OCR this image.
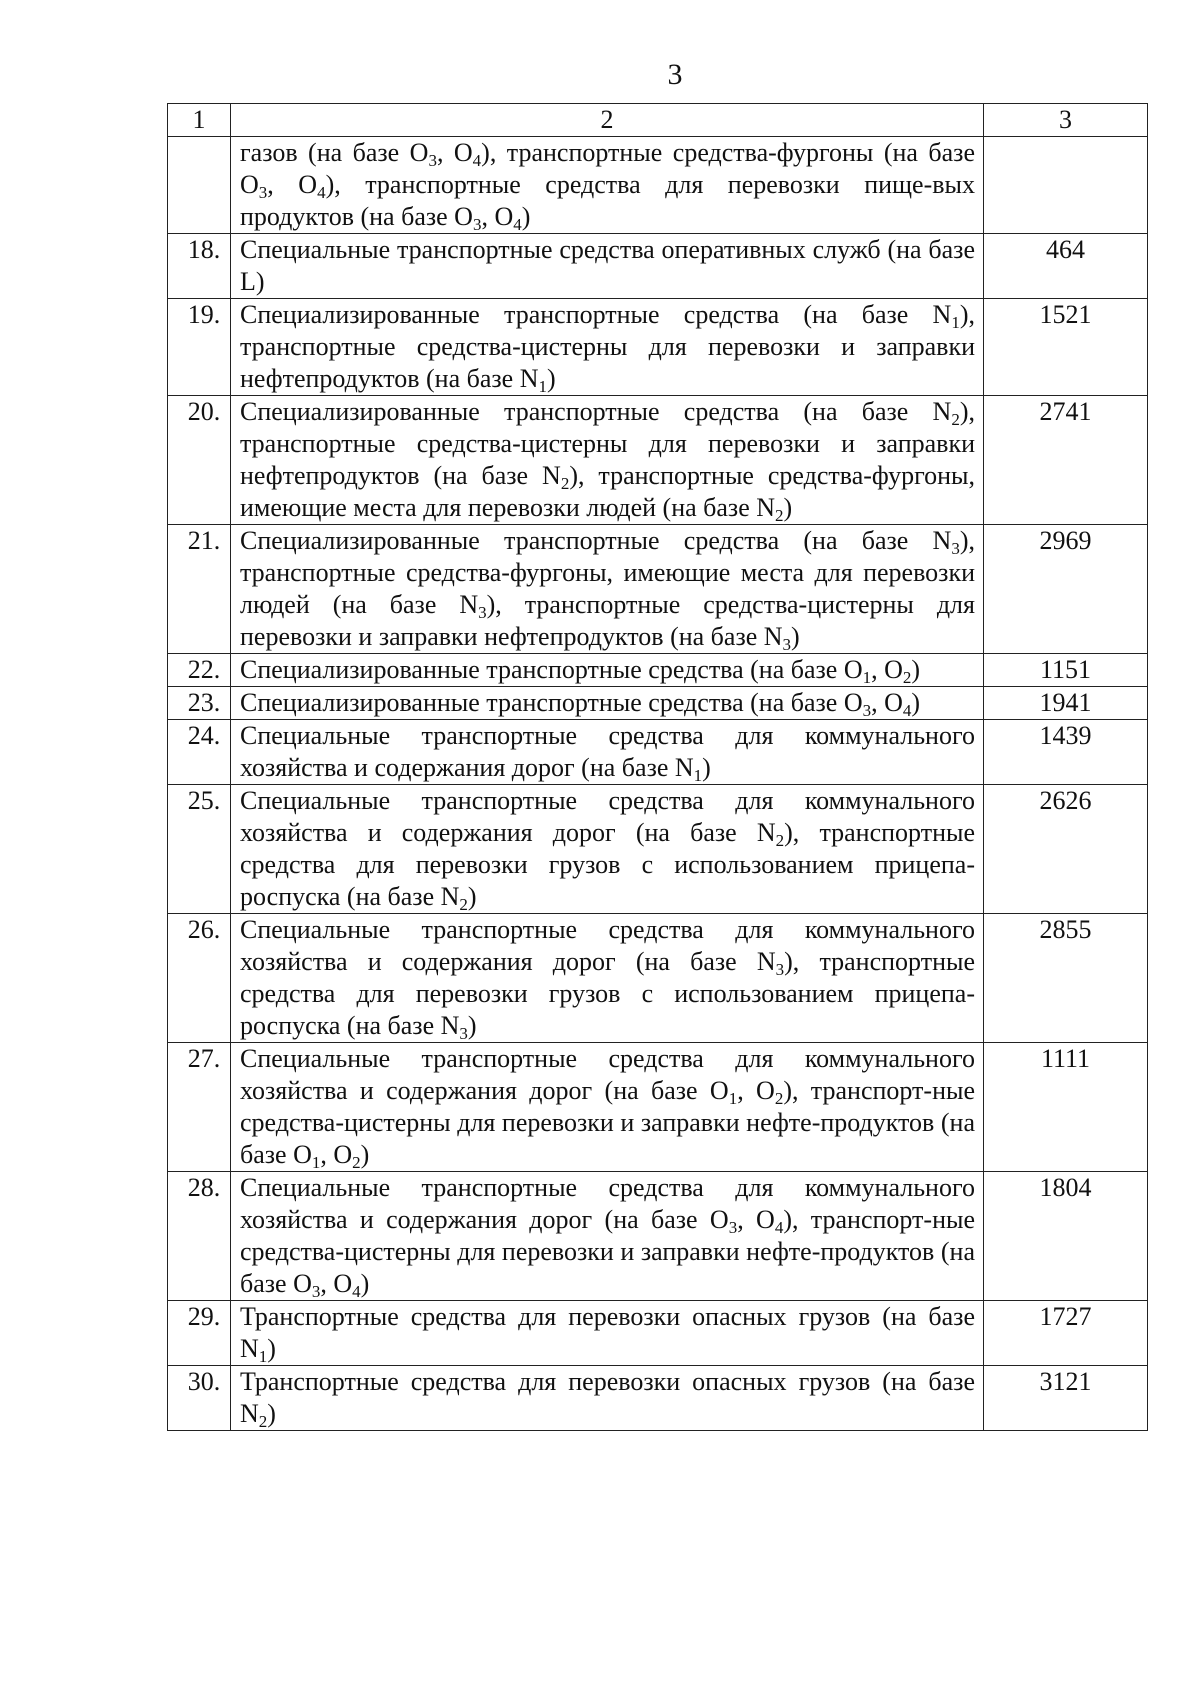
3
1	2	3
	газов (на базе $O_3$, $O_4$), транспортные средства-фургоны (на базе $O_3$, $O_4$), транспортные средства для перевозки пище-вых продуктов (на базе $O_3$, $O_4$)	
18.	Специальные транспортные средства оперативных служб (на базе L)	464
19.	Специализированные транспортные средства (на базе $N_1$), транспортные средства-цистерны для перевозки и заправки нефтепродуктов (на базе $N_1$)	1521
20.	Специализированные транспортные средства (на базе $N_2$), транспортные средства-цистерны для перевозки и заправки нефтепродуктов (на базе $N_2$), транспортные средства-фургоны, имеющие места для перевозки людей (на базе $N_2$)	2741
21.	Специализированные транспортные средства (на базе $N_3$), транспортные средства-фургоны, имеющие места для перевозки людей (на базе $N_3$), транспортные средства-цистерны для перевозки и заправки нефтепродуктов (на базе $N_3$)	2969
22.	Специализированные транспортные средства (на базе $O_1$, $O_2$)	1151
23.	Специализированные транспортные средства (на базе $O_3$, $O_4$)	1941
24.	Специальные транспортные средства для коммунального хозяйства и содержания дорог (на базе $N_1$)	1439
25.	Специальные транспортные средства для коммунального хозяйства и содержания дорог (на базе $N_2$), транспортные средства для перевозки грузов с использованием прицепа-роспуска (на базе $N_2$)	2626
26.	Специальные транспортные средства для коммунального хозяйства и содержания дорог (на базе $N_3$), транспортные средства для перевозки грузов с использованием прицепа-роспуска (на базе $N_3$)	2855
27.	Специальные транспортные средства для коммунального хозяйства и содержания дорог (на базе $O_1$, $O_2$), транспорт-ные средства-цистерны для перевозки и заправки нефте-продуктов (на базе $O_1$, $O_2$)	1111
28.	Специальные транспортные средства для коммунального хозяйства и содержания дорог (на базе $O_3$, $O_4$), транспорт-ные средства-цистерны для перевозки и заправки нефте-продуктов (на базе $O_3$, $O_4$)	1804
29.	Транспортные средства для перевозки опасных грузов (на базе $N_1$)	1727
30.	Транспортные средства для перевозки опасных грузов (на базе $N_2$)	3121
